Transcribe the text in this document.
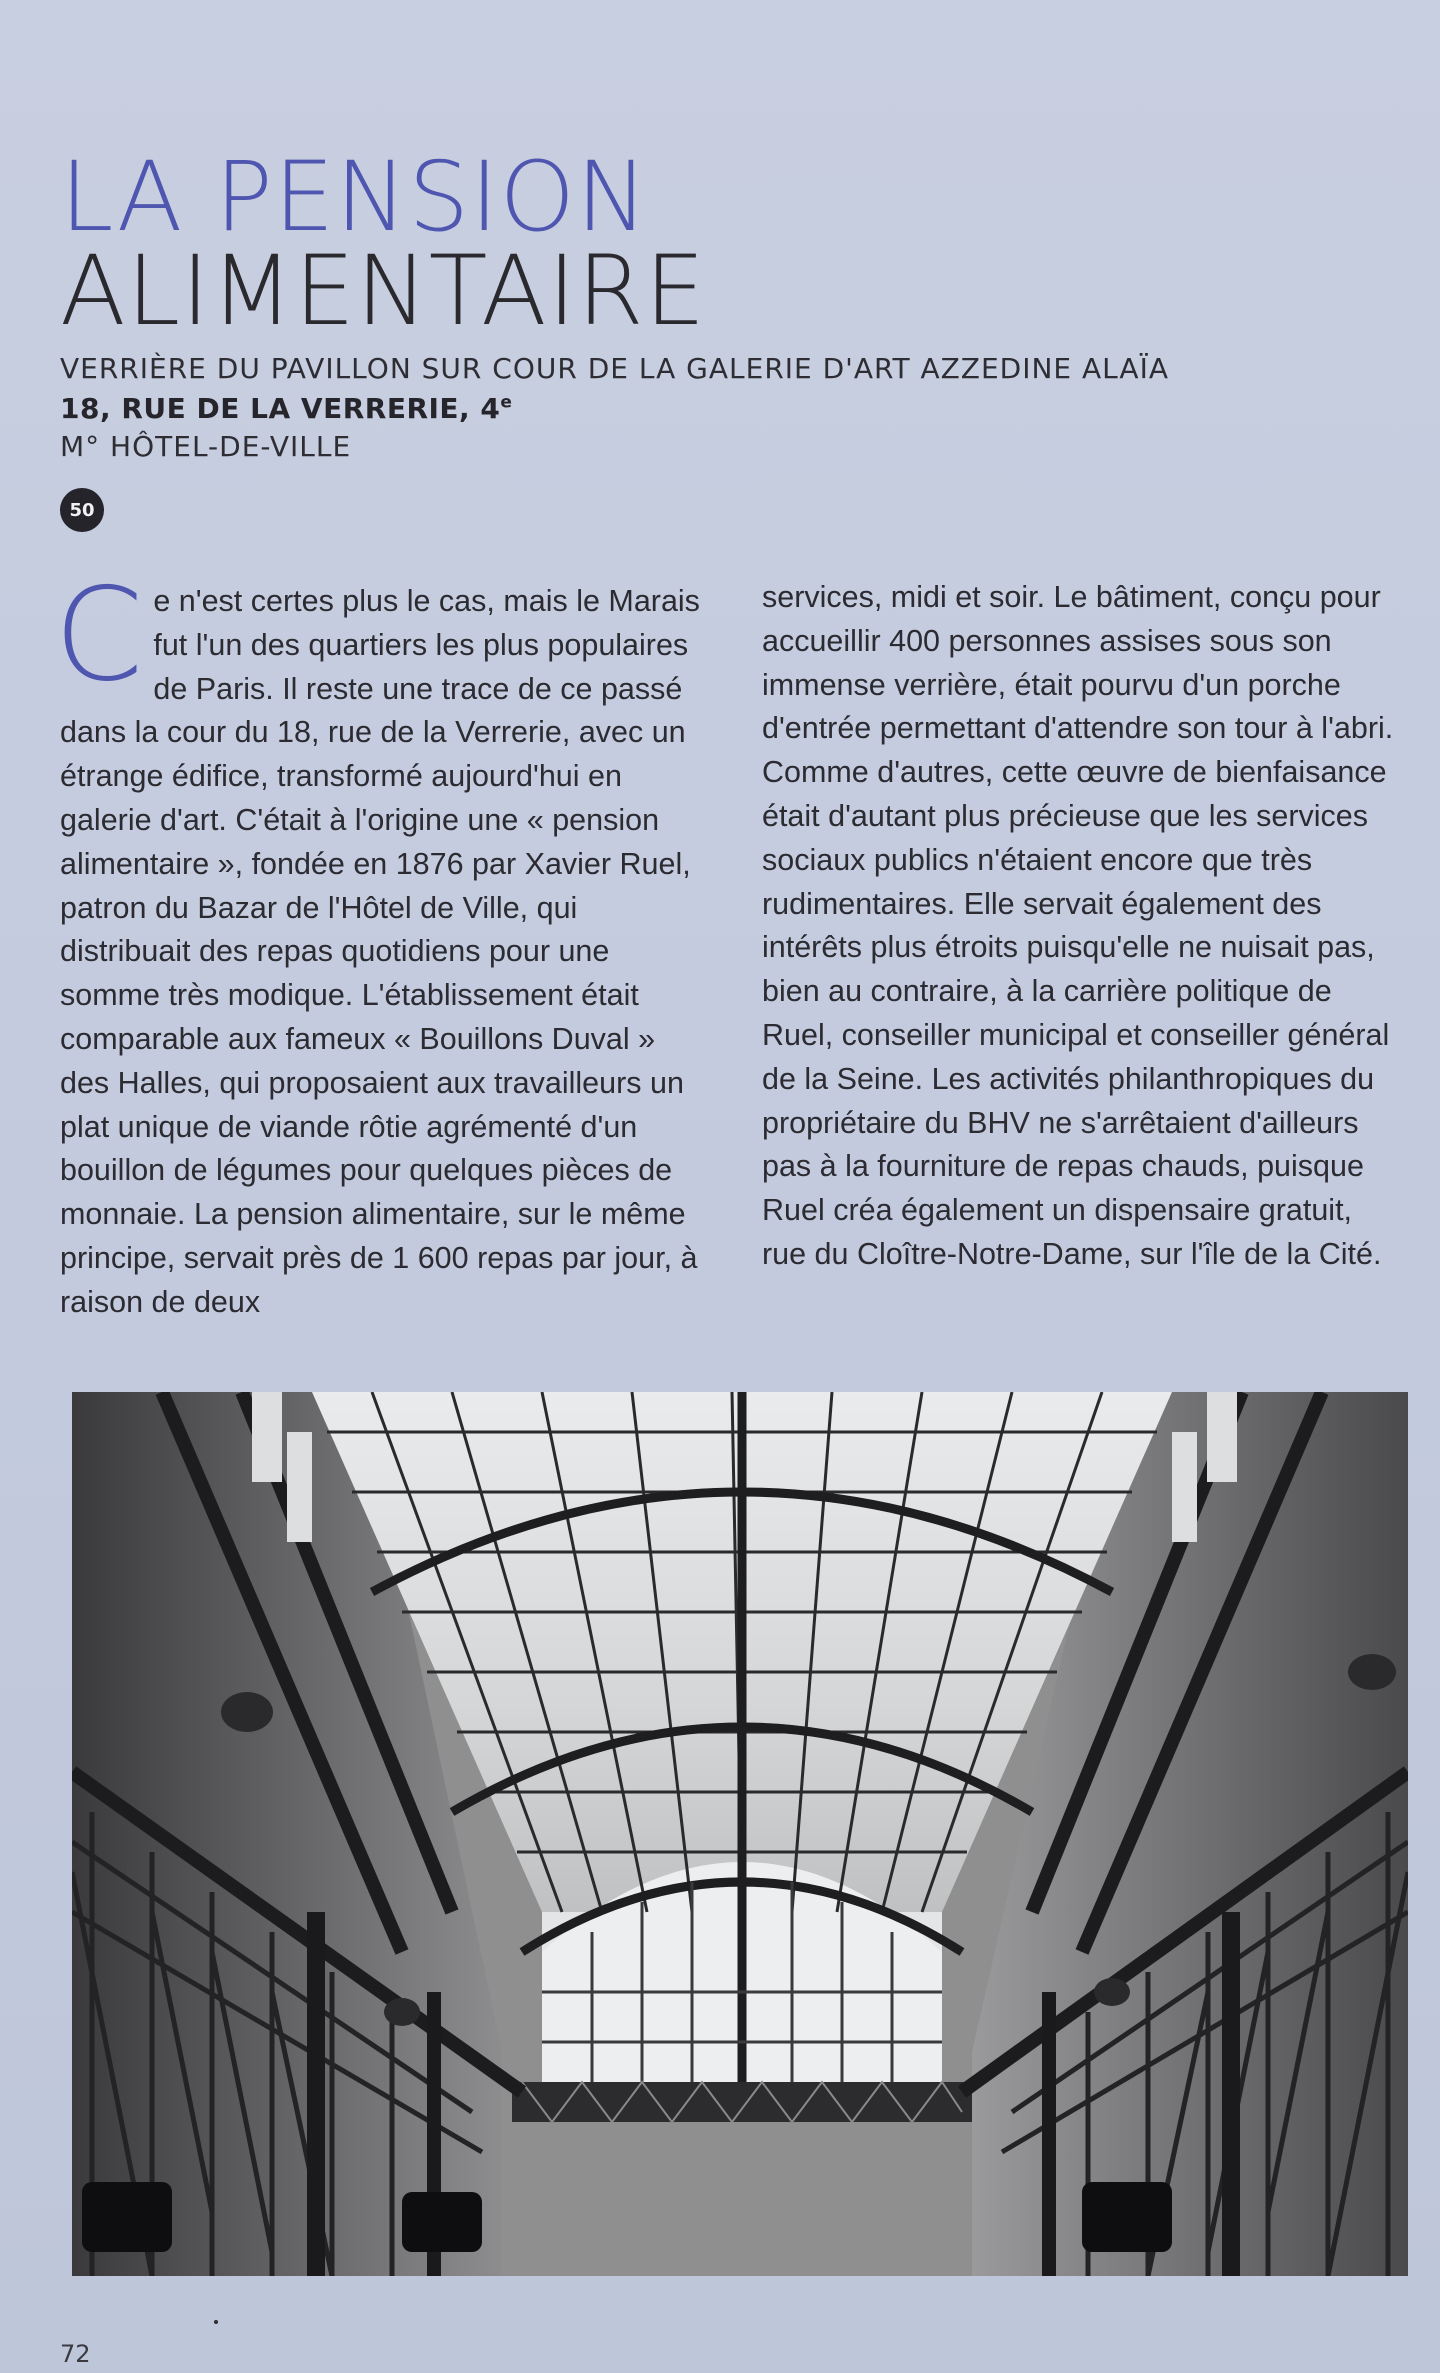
LA PENSION
ALIMENTAIRE
VERRIÈRE DU PAVILLON SUR COUR DE LA GALERIE D'ART AZZEDINE ALAÏA
18, RUE DE LA VERRERIE, 4e
M° HÔTEL-DE-VILLE
50

Ce n'est certes plus le cas, mais le Marais fut l'un des quartiers les plus populaires de Paris. Il reste une trace de ce passé dans la cour du 18, rue de la Verrerie, avec un étrange édifice, transformé aujourd'hui en galerie d'art. C'était à l'origine une « pension alimentaire », fondée en 1876 par Xavier Ruel, patron du Bazar de l'Hôtel de Ville, qui distribuait des repas quotidiens pour une somme très modique. L'établissement était comparable aux fameux « Bouillons Duval » des Halles, qui proposaient aux travailleurs un plat unique de viande rôtie agrémenté d'un bouillon de légumes pour quelques pièces de monnaie. La pension alimentaire, sur le même principe, servait près de 1 600 repas par jour, à raison de deux

services, midi et soir. Le bâtiment, conçu pour accueillir 400 personnes assises sous son immense verrière, était pourvu d'un porche d'entrée permettant d'attendre son tour à l'abri.

Comme d'autres, cette œuvre de bienfaisance était d'autant plus précieuse que les services sociaux publics n'étaient encore que très rudimentaires. Elle servait également des intérêts plus étroits puisqu'elle ne nuisait pas, bien au contraire, à la carrière politique de Ruel, conseiller municipal et conseiller général de la Seine. Les activités philanthropiques du propriétaire du BHV ne s'arrêtaient d'ailleurs pas à la fourniture de repas chauds, puisque Ruel créa également un dispensaire gratuit, rue du Cloître-Notre-Dame, sur l'île de la Cité.

72
